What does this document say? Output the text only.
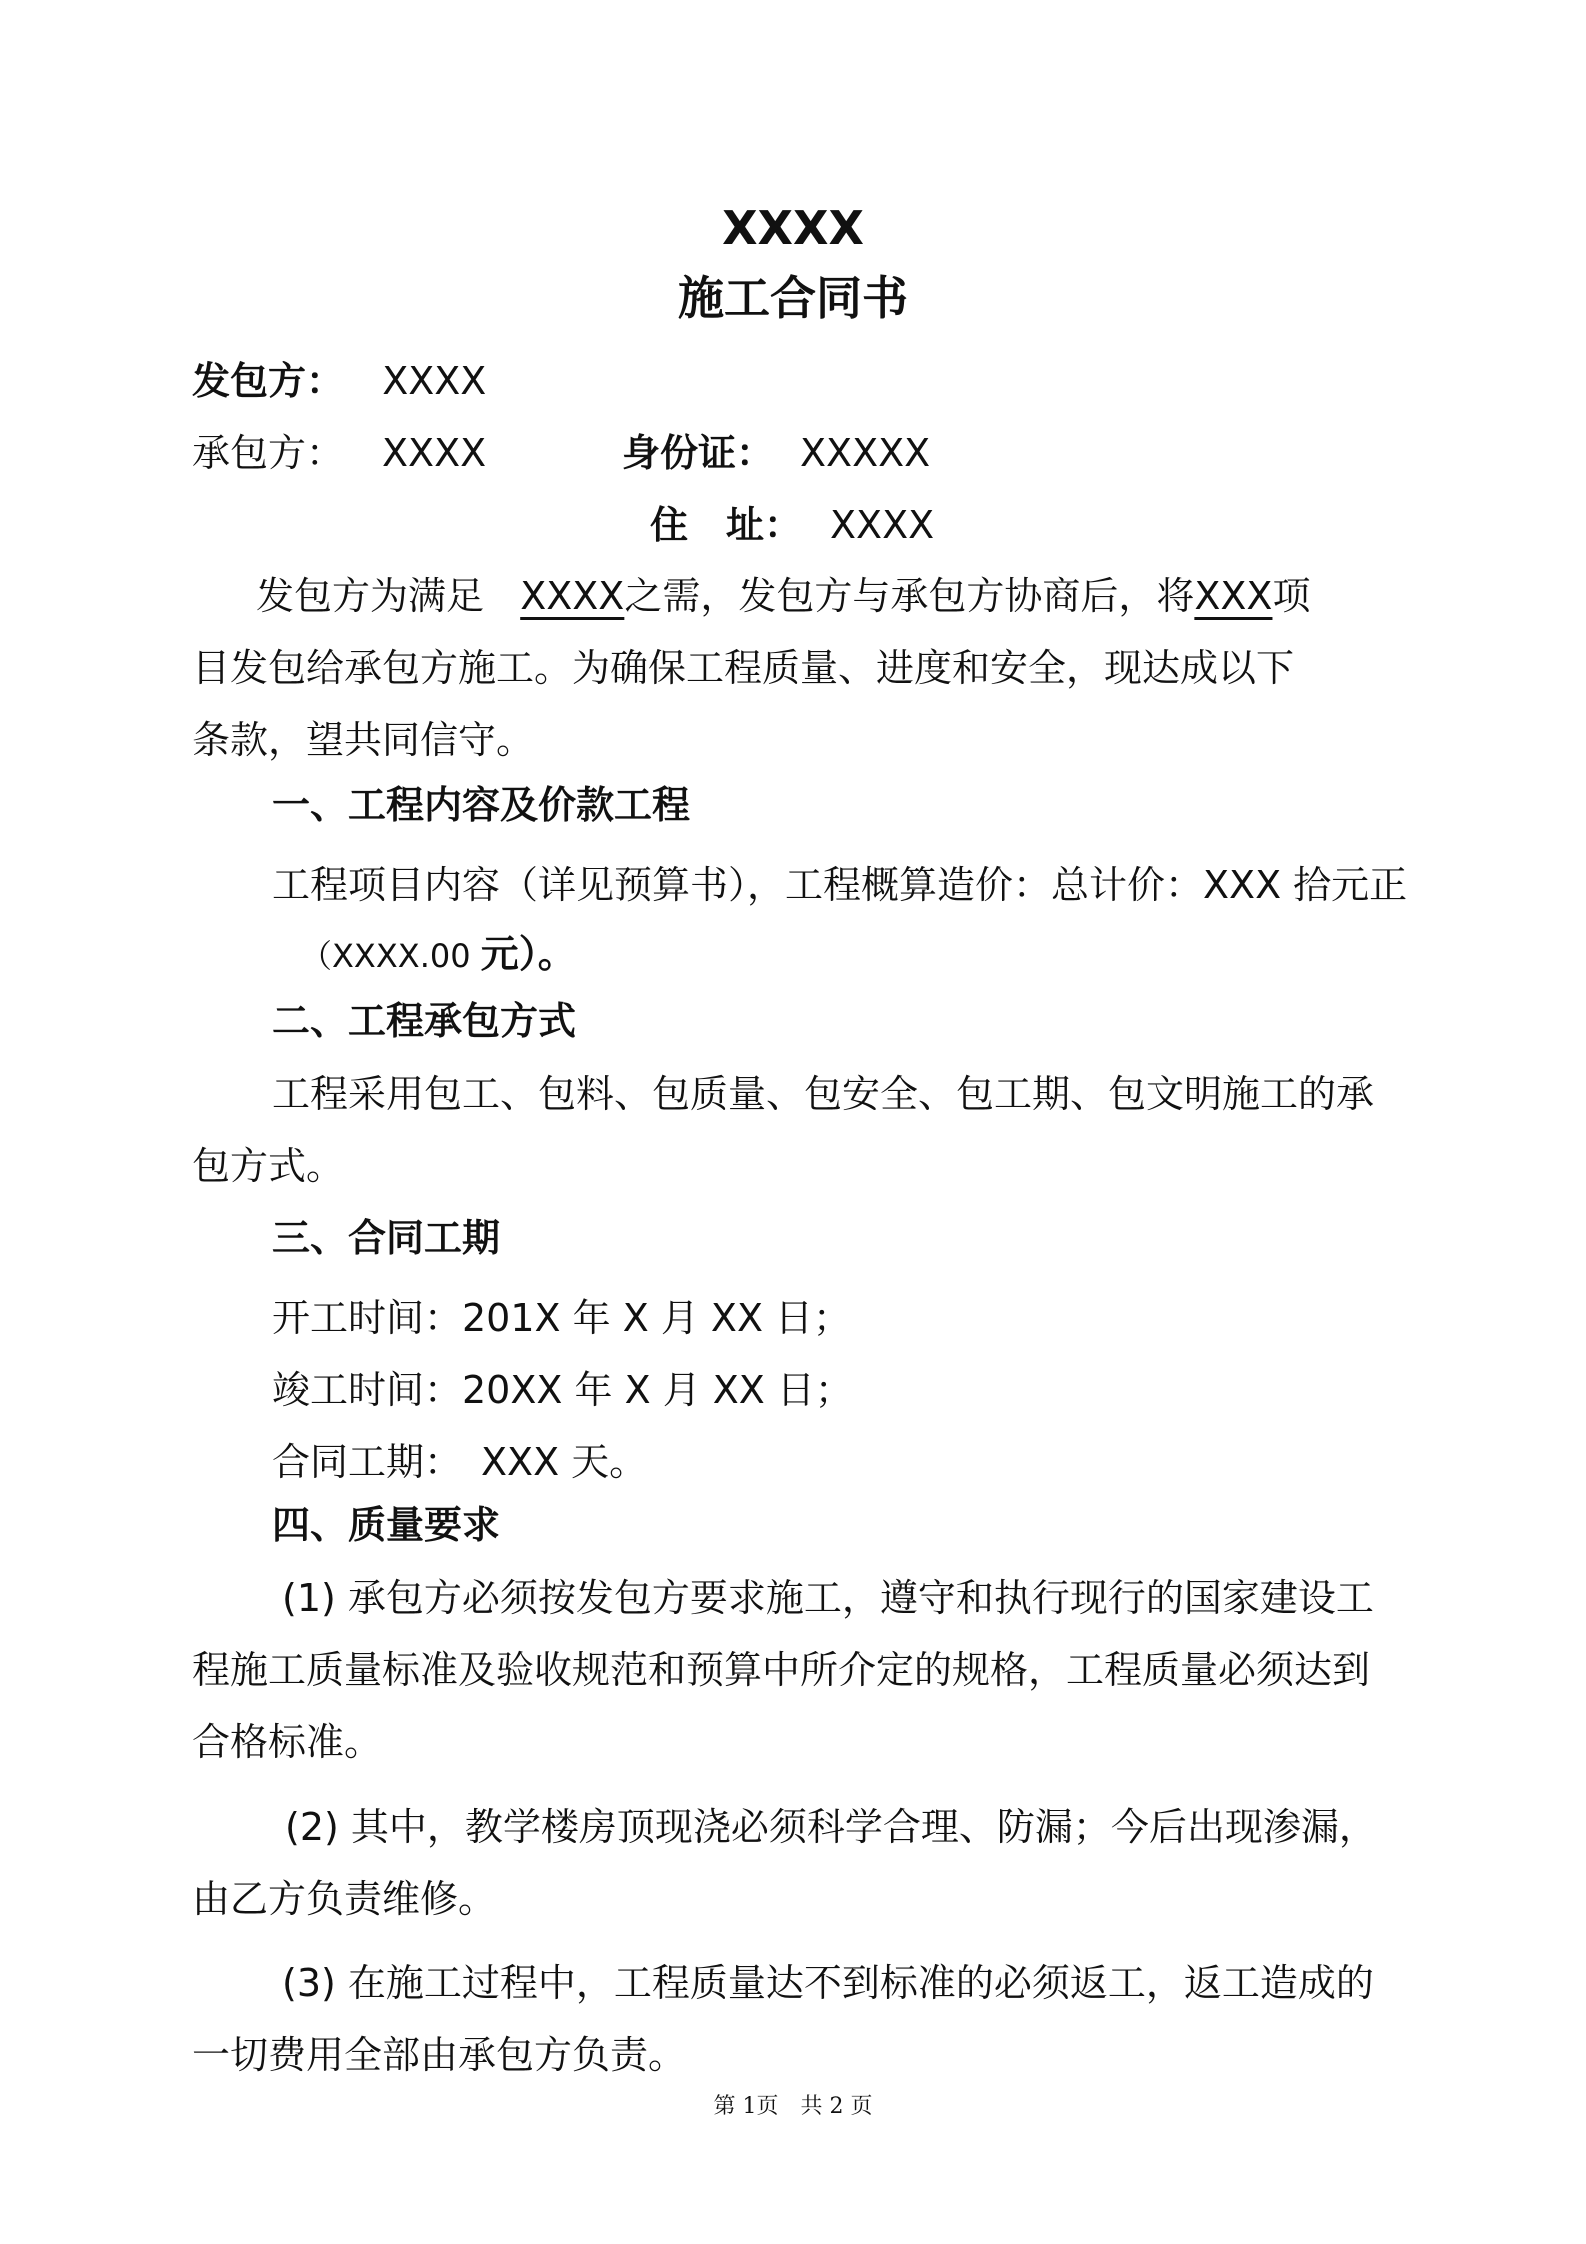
XXXX
施工合同书
发包方： XXXX
承包方： XXXX	身份证： XXXXX
住　址： XXXX
发包方为满足 XXXX之需，发包方与承包方协商后，将XXX项
目发包给承包方施工。为确保工程质量、进度和安全，现达成以下
条款，望共同信守。
一、工程内容及价款工程
工程项目内容（详见预算书），工程概算造价：总计价：XXX 拾元正
（XXXX.00 元）。
二、工程承包方式
工程采用包工、包料、包质量、包安全、包工期、包文明施工的承
包方式。
三、合同工期
开工时间：201X 年 X 月 XX 日；
竣工时间：20XX 年 X 月 XX 日；
合同工期：　XXX 天。
四、质量要求
(1) 承包方必须按发包方要求施工，遵守和执行现行的国家建设工
程施工质量标准及验收规范和预算中所介定的规格，工程质量必须达到
合格标准。
(2) 其中，教学楼房顶现浇必须科学合理、防漏；今后出现渗漏，
由乙方负责维修。
(3) 在施工过程中，工程质量达不到标准的必须返工，返工造成的
一切费用全部由承包方负责。
第 1页　共 2 页
